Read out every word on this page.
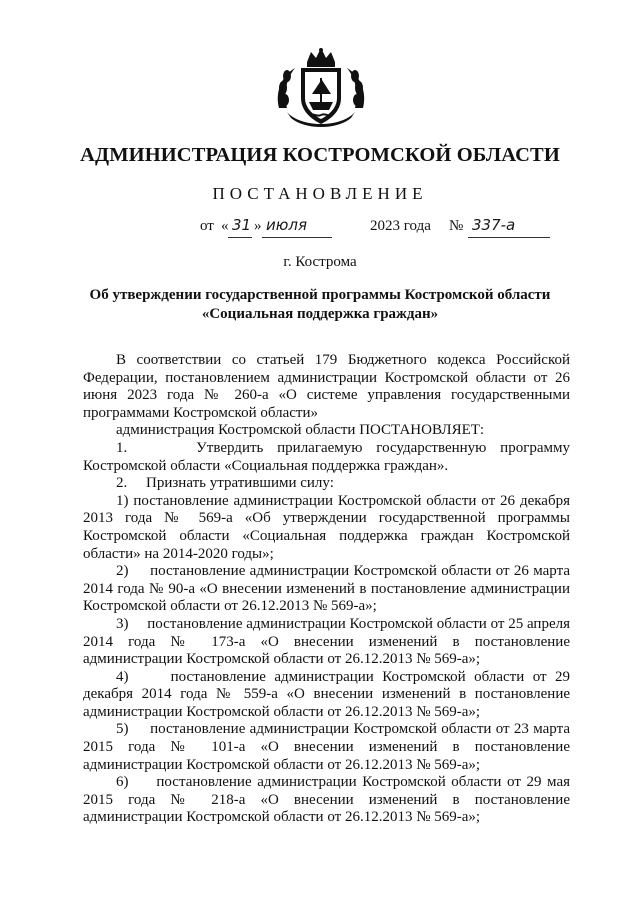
АДМИНИСТРАЦИЯ КОСТРОМСКОЙ ОБЛАСТИ
ПОСТАНОВЛЕНИЕ
от « 31 » июля	2023 года № 337-а
г. Кострома
Об утверждении государственной программы Костромской области
«Социальная поддержка граждан»

В соответствии со статьей 179 Бюджетного кодекса Российской Федерации, постановлением администрации Костромской области от 26 июня 2023 года № 260-а «О системе управления государственными программами Костромской области»

администрация Костромской области ПОСТАНОВЛЯЕТ:

1.     Утвердить прилагаемую государственную программу Костромской области «Социальная поддержка граждан».

2.     Признать утратившими силу:

1) постановление администрации Костромской области от 26 декабря 2013 года № 569-а «Об утверждении государственной программы Костромской области «Социальная поддержка граждан Костромской области» на 2014-2020 годы»;

2)     постановление администрации Костромской области от 26 марта 2014 года № 90-а «О внесении изменений в постановление администрации Костромской области от 26.12.2013 № 569-а»;

3)     постановление администрации Костромской области от 25 апреля 2014 года № 173-а «О внесении изменений в постановление администрации Костромской области от 26.12.2013 № 569-а»;

4)     постановление администрации Костромской области от 29 декабря 2014 года № 559-а «О внесении изменений в постановление администрации Костромской области от 26.12.2013 № 569-а»;

5)     постановление администрации Костромской области от 23 марта 2015 года № 101-а «О внесении изменений в постановление администрации Костромской области от 26.12.2013 № 569-а»;

6)     постановление администрации Костромской области от 29 мая 2015 года № 218-а «О внесении изменений в постановление администрации Костромской области от 26.12.2013 № 569-а»;
